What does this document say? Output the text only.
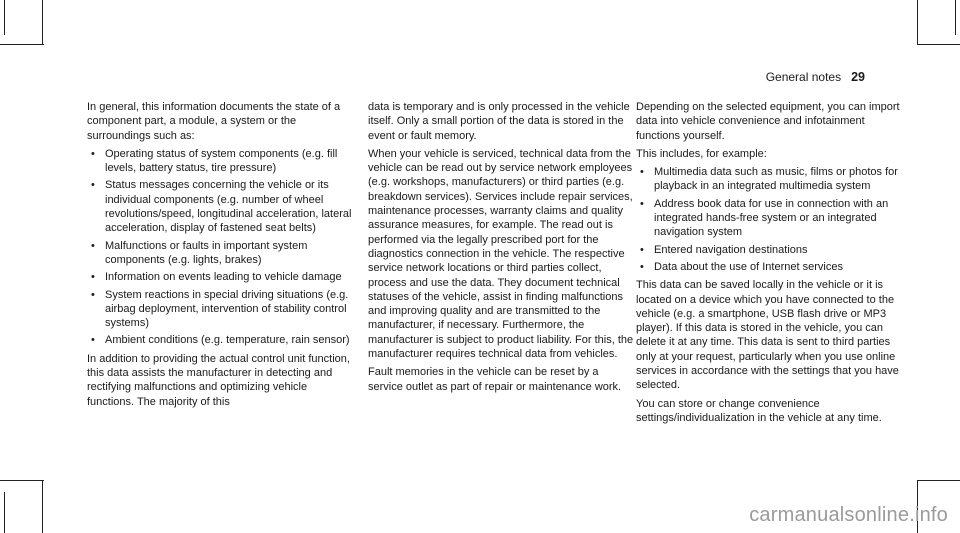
General notes 29

In general, this information documents the state of a component part, a module, a system or the surroundings such as:

• Operating status of system components (e.g. fill levels, battery status, tire pressure)
• Status messages concerning the vehicle or its individual components (e.g. number of wheel revolutions/speed, longitudinal acceleration, lateral acceleration, display of fastened seat belts)
• Malfunctions or faults in important system components (e.g. lights, brakes)
• Information on events leading to vehicle damage
• System reactions in special driving situations (e.g. airbag deployment, intervention of stability control systems)
• Ambient conditions (e.g. temperature, rain sensor)

In addition to providing the actual control unit function, this data assists the manufacturer in detecting and rectifying malfunctions and optimizing vehicle functions. The majority of this

data is temporary and is only processed in the vehicle itself. Only a small portion of the data is stored in the event or fault memory.

When your vehicle is serviced, technical data from the vehicle can be read out by service network employees (e.g. workshops, manufacturers) or third parties (e.g. breakdown services). Services include repair services, maintenance processes, warranty claims and quality assurance measures, for example. The read out is performed via the legally prescribed port for the diagnostics connection in the vehicle. The respective service network locations or third parties collect, process and use the data. They document technical statuses of the vehicle, assist in finding malfunctions and improving quality and are transmitted to the manufacturer, if necessary. Furthermore, the manufacturer is subject to product liability. For this, the manufacturer requires technical data from vehicles.

Fault memories in the vehicle can be reset by a service outlet as part of repair or maintenance work.

Depending on the selected equipment, you can import data into vehicle convenience and infotainment functions yourself.

This includes, for example:

• Multimedia data such as music, films or photos for playback in an integrated multimedia system
• Address book data for use in connection with an integrated hands-free system or an integrated navigation system
• Entered navigation destinations
• Data about the use of Internet services

This data can be saved locally in the vehicle or it is located on a device which you have connected to the vehicle (e.g. a smartphone, USB flash drive or MP3 player). If this data is stored in the vehicle, you can delete it at any time. This data is sent to third parties only at your request, particularly when you use online services in accordance with the settings that you have selected.

You can store or change convenience settings/individualization in the vehicle at any time.

carmanualsonline.info
